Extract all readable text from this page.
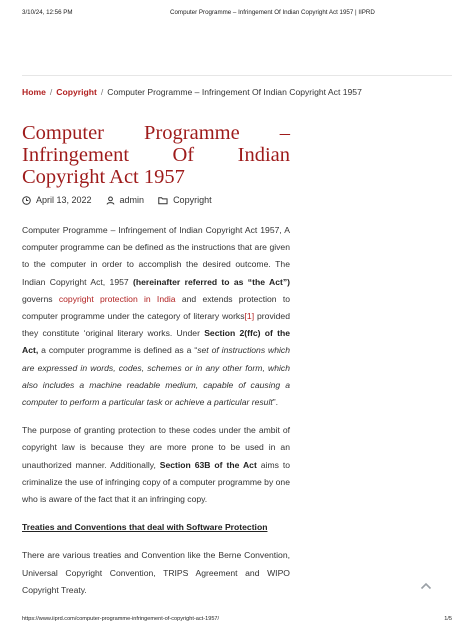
3/10/24, 12:56 PM	Computer Programme – Infringement Of Indian Copyright Act 1957 | IIPRD
Home / Copyright / Computer Programme – Infringement Of Indian Copyright Act 1957
Computer Programme – Infringement Of Indian Copyright Act 1957
April 13, 2022	admin	Copyright

Computer Programme – Infringement of Indian Copyright Act 1957, A computer programme can be defined as the instructions that are given to the computer in order to accomplish the desired outcome. The Indian Copyright Act, 1957 (hereinafter referred to as “the Act”) governs copyright protection in India and extends protection to computer programme under the category of literary works[1] provided they constitute ‘original literary works. Under Section 2(ffc) of the Act, a computer programme is defined as a “set of instructions which are expressed in words, codes, schemes or in any other form, which also includes a machine readable medium, capable of causing a computer to perform a particular task or achieve a particular result”.

The purpose of granting protection to these codes under the ambit of copyright law is because they are more prone to be used in an unauthorized manner. Additionally, Section 63B of the Act aims to criminalize the use of infringing copy of a computer programme by one who is aware of the fact that it an infringing copy.

Treaties and Conventions that deal with Software Protection

There are various treaties and Convention like the Berne Convention, Universal Copyright Convention, TRIPS Agreement and WIPO Copyright Treaty.

https://www.iiprd.com/computer-programme-infringement-of-copyright-act-1957/	1/5
